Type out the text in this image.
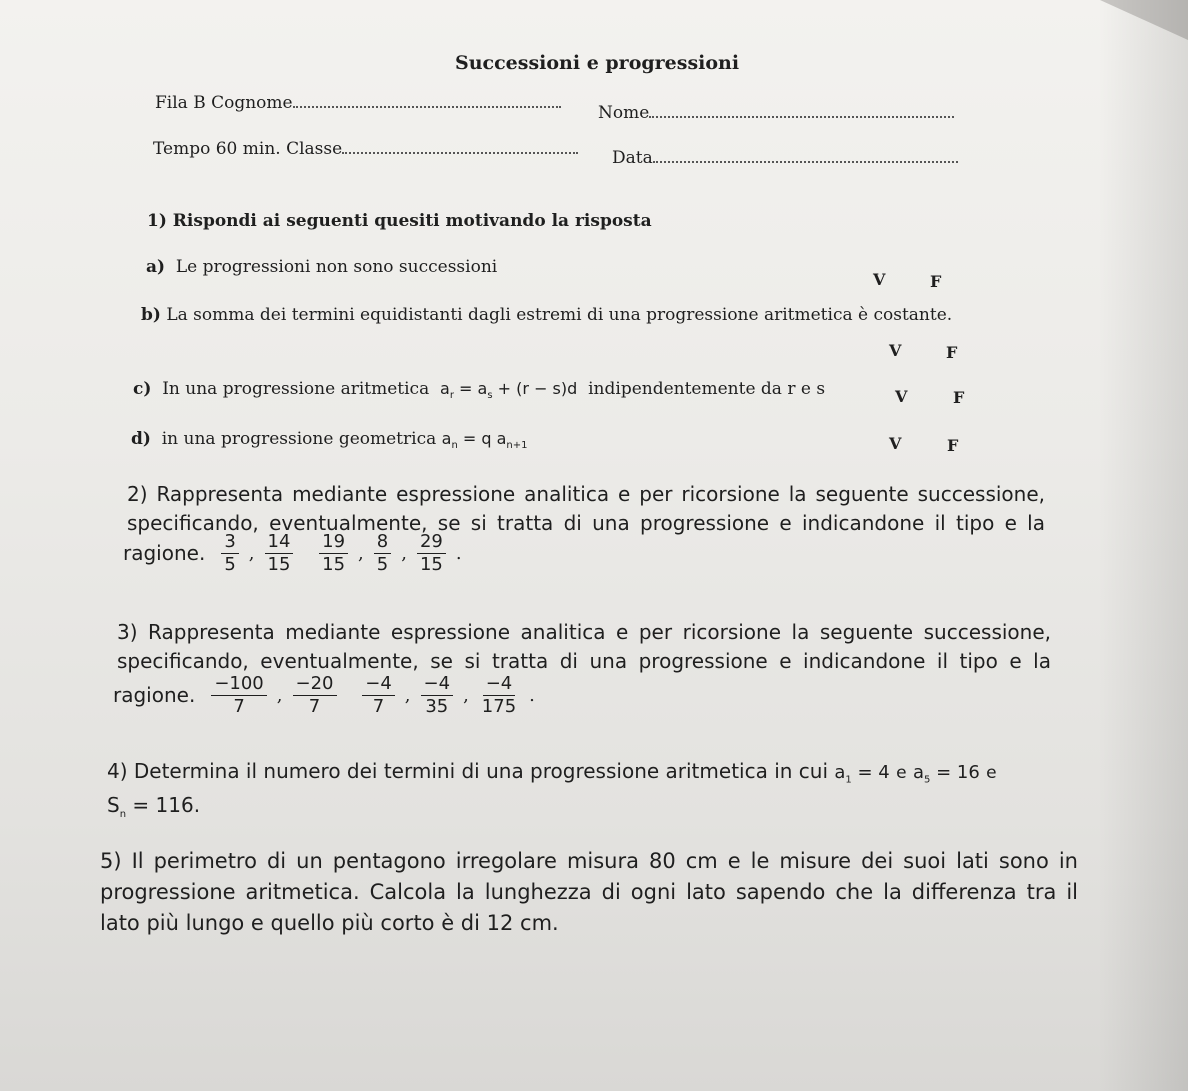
Successioni e progressioni
Fila B Cognome	Nome
Tempo 60 min. Classe	Data
1) Rispondi ai seguenti quesiti motivando la risposta
a) Le progressioni non sono successioni
V	F
b) La somma dei termini equidistanti dagli estremi di una progressione aritmetica è costante.
V	F
c) In una progressione aritmetica $a_r = a_s + (r - s)d$ indipendentemente da r e s	V	F
d) in una progressione geometrica $a_n = q$ $a_{n+1}$	V	F
2) Rappresenta mediante espressione analitica e per ricorsione la seguente successione,
specificando, eventualmente, se si tratta di una progressione e indicandone il tipo e la
ragione. $\frac{3}{5}$ , $\frac{14}{15}$
$\frac{19}{15}$ , $\frac{8}{5}$ , $\frac{29}{15}$ .
3) Rappresenta mediante espressione analitica e per ricorsione la seguente successione,
specificando, eventualmente, se si tratta di una progressione e indicandone il tipo e la
ragione. $\frac{-100}{7}$ , $\frac{-20}{7}$
$\frac{-4}{7}$ , $\frac{-4}{35}$ , $\frac{-4}{175}$ .
4) Determina il numero dei termini di una progressione aritmetica in cui $a_1 = 4$ e $a_5 = 16$ e
$S_n = 116$.
5) Il perimetro di un pentagono irregolare misura 80 cm e le misure dei suoi lati sono in
progressione aritmetica. Calcola la lunghezza di ogni lato sapendo che la differenza tra il
lato più lungo e quello più corto è di 12 cm.
